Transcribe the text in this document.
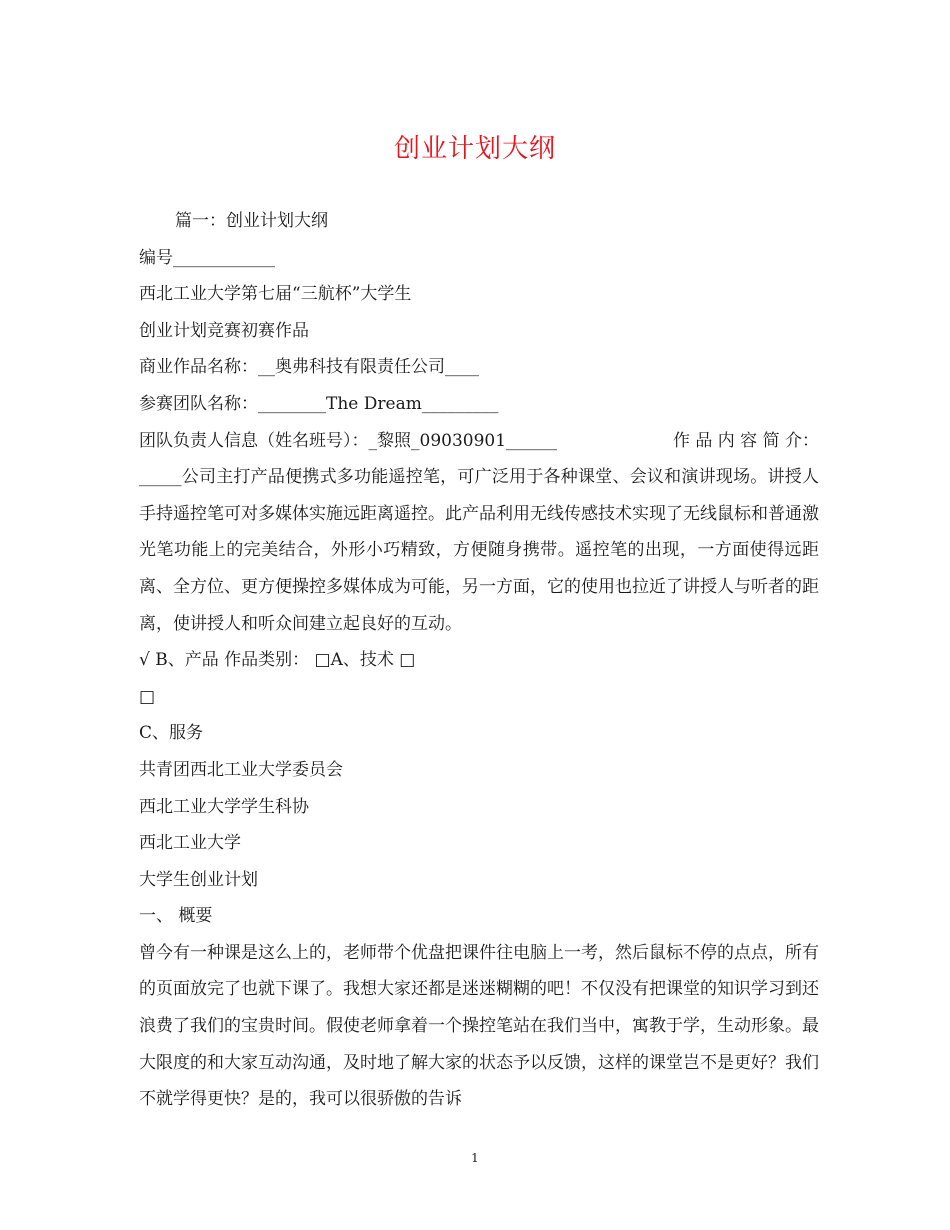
创业计划大纲
篇一：创业计划大纲
编号____________
西北工业大学第七届“三航杯”大学生
创业计划竞赛初赛作品
商业作品名称：__奥弗科技有限责任公司____
参赛团队名称：________The Dream_________
团队负责人信息（姓名班号）：_黎照_09030901______	作 品 内 容 简 介：
_____公司主打产品便携式多功能遥控笔，可广泛用于各种课堂、会议和演讲现场。讲授人手持遥控笔可对多媒体实施远距离遥控。此产品利用无线传感技术实现了无线鼠标和普通激光笔功能上的完美结合，外形小巧精致，方便随身携带。遥控笔的出现，一方面使得远距离、全方位、更方便操控多媒体成为可能，另一方面，它的使用也拉近了讲授人与听者的距离，使讲授人和听众间建立起良好的互动。
√ B、产品 作品类别： □A、技术 □
□
C、服务
共青团西北工业大学委员会
西北工业大学学生科协
西北工业大学
大学生创业计划
一、 概要
曾今有一种课是这么上的，老师带个优盘把课件往电脑上一考，然后鼠标不停的点点，所有的页面放完了也就下课了。我想大家还都是迷迷糊糊的吧！不仅没有把课堂的知识学习到还浪费了我们的宝贵时间。假使老师拿着一个操控笔站在我们当中，寓教于学，生动形象。最大限度的和大家互动沟通，及时地了解大家的状态予以反馈，这样的课堂岂不是更好？我们不就学得更快？是的，我可以很骄傲的告诉
1
